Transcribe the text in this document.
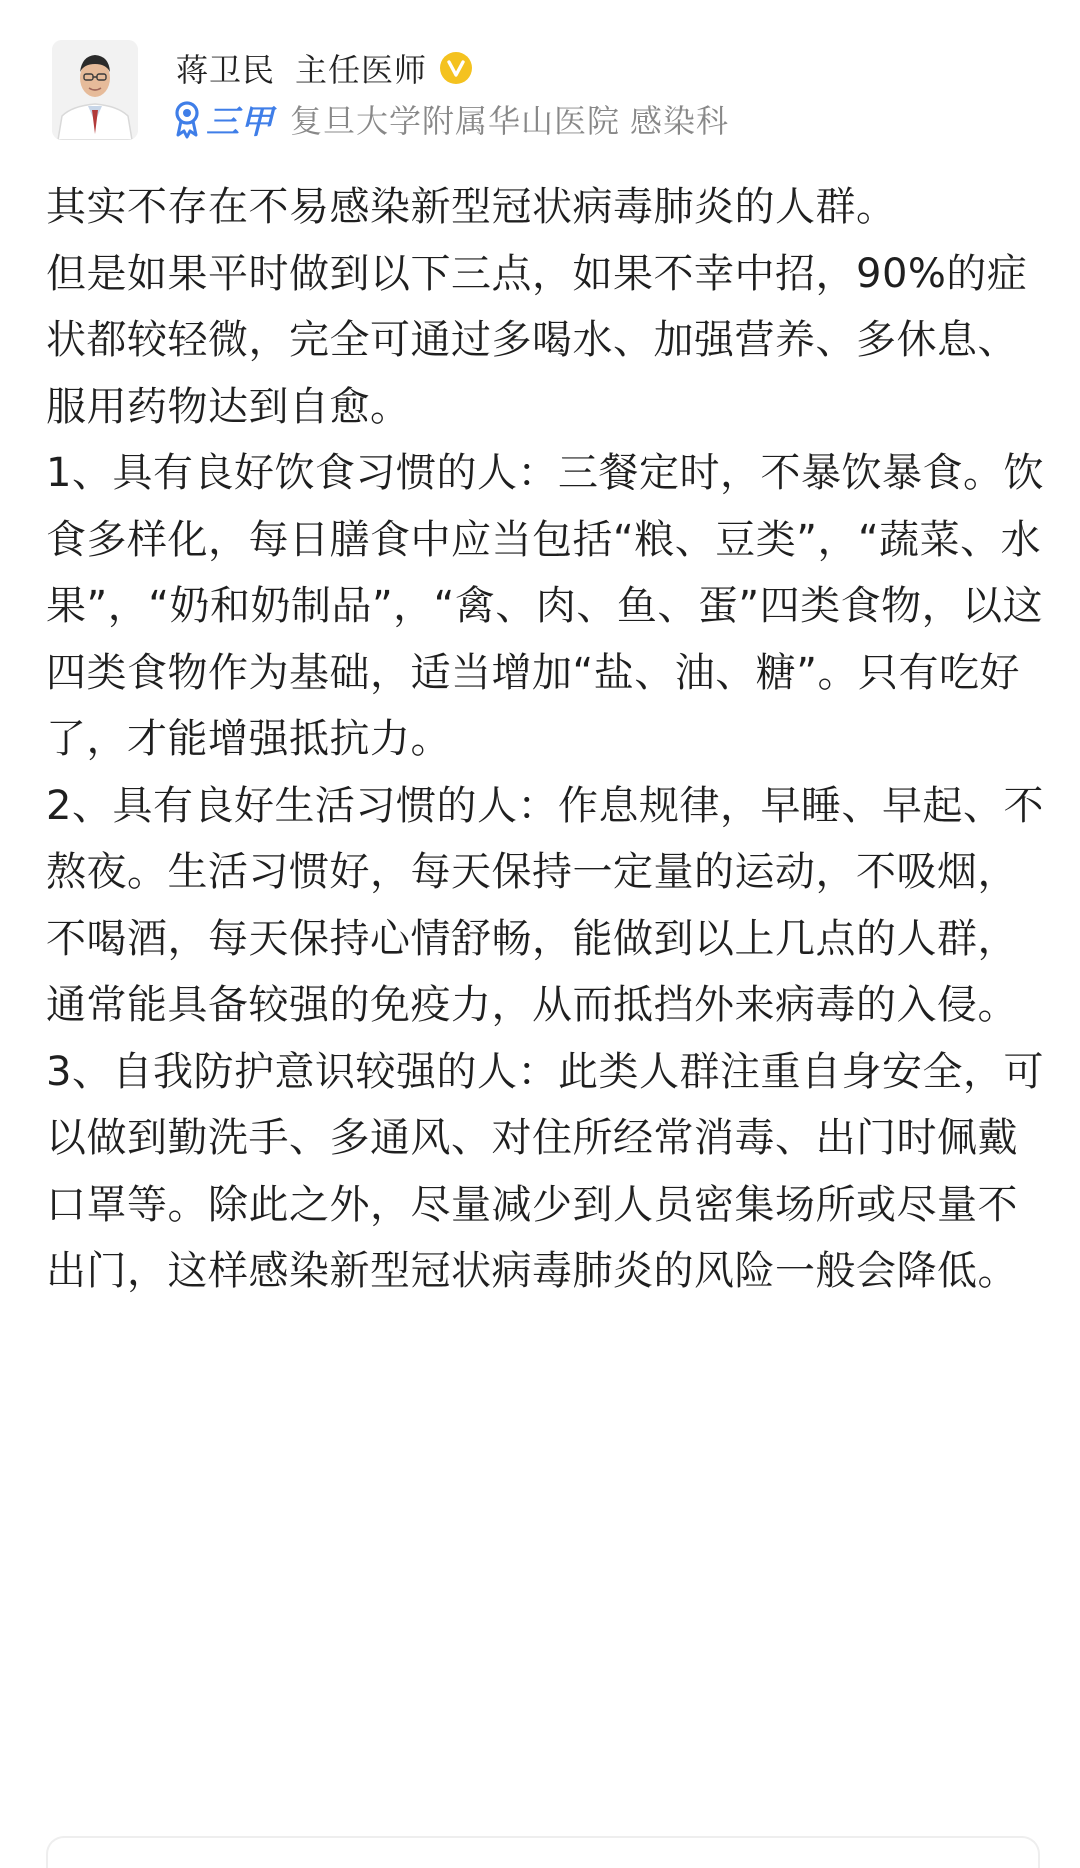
蒋卫民 主任医师
三甲 复旦大学附属华山医院 感染科

其实不存在不易感染新型冠状病毒肺炎的人群。

但是如果平时做到以下三点，如果不幸中招，90%的症状都较轻微，完全可通过多喝水、加强营养、多休息、服用药物达到自愈。

1、具有良好饮食习惯的人：三餐定时，不暴饮暴食。饮食多样化，每日膳食中应当包括“粮、豆类”，“蔬菜、水果”，“奶和奶制品”，“禽、肉、鱼、蛋”四类食物，以这四类食物作为基础，适当增加“盐、油、糖”。只有吃好了，才能增强抵抗力。

2、具有良好生活习惯的人：作息规律，早睡、早起、不熬夜。生活习惯好，每天保持一定量的运动，不吸烟，不喝酒，每天保持心情舒畅，能做到以上几点的人群，通常能具备较强的免疫力，从而抵挡外来病毒的入侵。

3、自我防护意识较强的人：此类人群注重自身安全，可以做到勤洗手、多通风、对住所经常消毒、出门时佩戴口罩等。除此之外，尽量减少到人员密集场所或尽量不出门，这样感染新型冠状病毒肺炎的风险一般会降低。
